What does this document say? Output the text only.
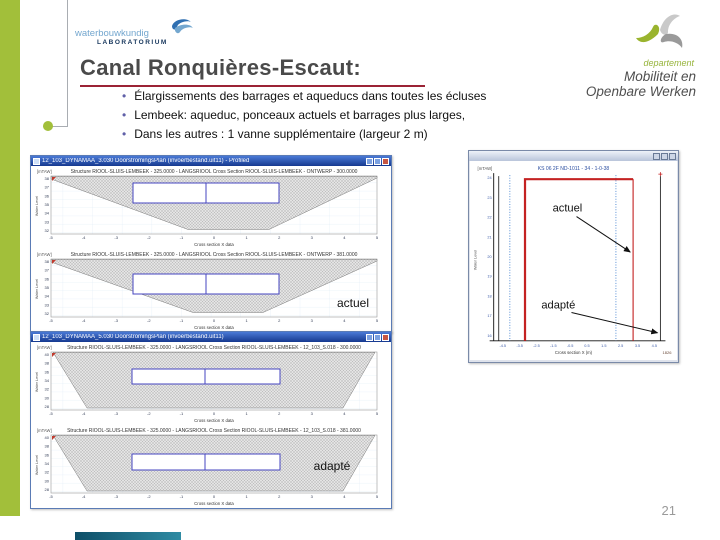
21
waterbouwkundig
LABORATORIUM
departement
Mobiliteit en
Openbare Werken
Canal Ronquières-Escaut:
• Élargissements des barrages et aqueducs dans toutes les écluses
• Lembeek: aqueduc, ponceaux actuels et barrages plus larges,
• Dans les autres : 1 vanne supplémentaire (largeur 2 m)
12_103_DYNAMAA_3.030 DoorstromingsPlan (invoerbestand.uit11) - Profiled
Structure RIOOL-SLUIS-LEMBEEK - 325.0000 - LANGSRIOOL Cross Section RIOOL-SLUIS-LEMBEEK - ONTWERP - 300.0000
[mTAW]
Water Level
38
37
36
35
34
33
32
-5	-4	-3	-2	-1	0	1	2	3	4	5
Cross section X data
Structure RIOOL-SLUIS-LEMBEEK - 325.0000 - LANGSRIOOL Cross Section RIOOL-SLUIS-LEMBEEK - ONTWERP - 381.0000
[mTAW]
Water Level
38
37
36
35
34
33
32
-5	-4	-3	-2	-1	0	1	2	3	4	5
Cross section X data
actuel
12_103_DYNAMAA_5.030 DoorstromingsPlan (invoerbestand.uit11)
Structure RIOOL-SLUIS-LEMBEEK - 325.0000 - LANGSRIOOL Cross Section RIOOL-SLUIS-LEMBEEK - 12_103_S.018 - 300.0000
[mTAW]
Water Level
40
38
36
34
32
30
28
-5	-4	-3	-2	-1	0	1	2	3	4	5
Cross section X data
Structure RIOOL-SLUIS-LEMBEEK - 325.0000 - LANGSRIOOL Cross Section RIOOL-SLUIS-LEMBEEK - 12_103_S.018 - 381.0000
[mTAW]
Water Level
40
38
36
34
32
30
28
-5	-4	-3	-2	-1	0	1	2	3	4	5
Cross section X data
adapté
KS 06 2F ND-1011 - 34 - 1-0-38
[mTAW]
Water Level
actuel
adapté
24
23
22
21
20
19
18
17
16
-4.5	-3.5	-2.5	-1.5	-0.5	0.5	1.5	2.5	3.5	4.5
Cross section X (m)	1826
